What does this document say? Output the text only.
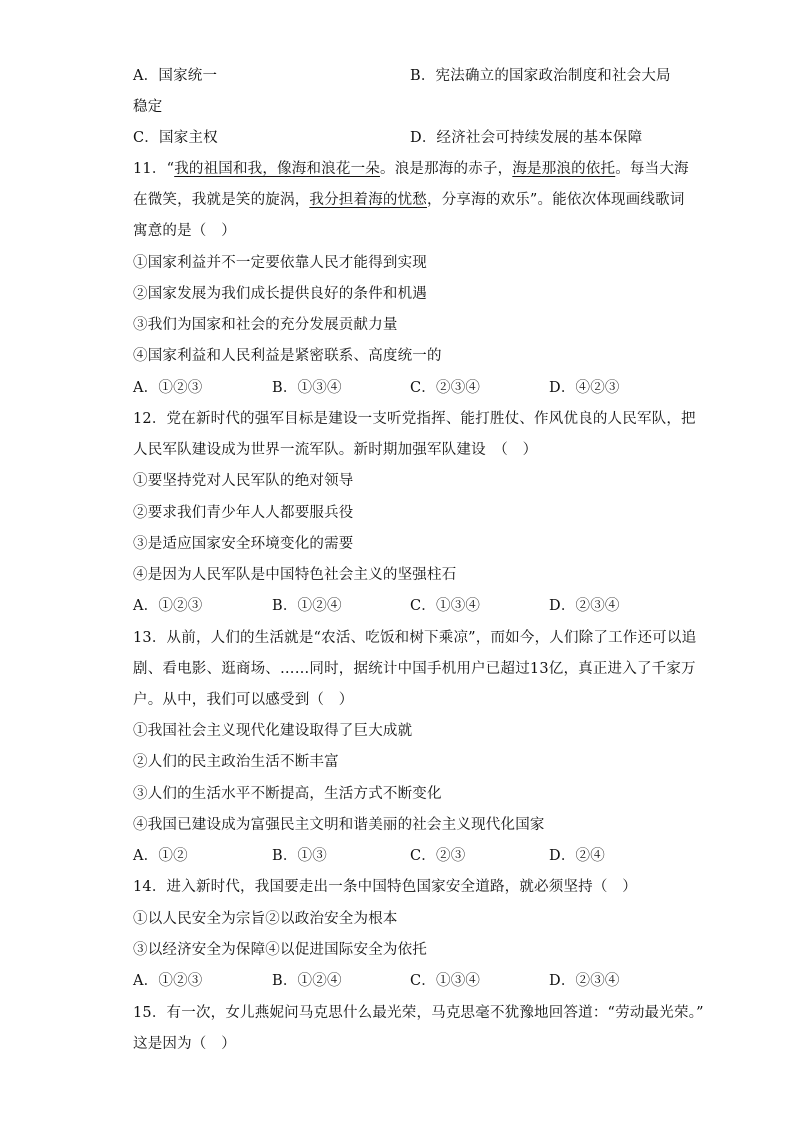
A．国家统一	B．宪法确立的国家政治制度和社会大局
稳定
C．国家主权	D．经济社会可持续发展的基本保障
11．“我的祖国和我，像海和浪花一朵。浪是那海的赤子，海是那浪的依托。每当大海
在微笑，我就是笑的旋涡，我分担着海的忧愁，分享海的欢乐”。能依次体现画线歌词
寓意的是（　）
①国家利益并不一定要依靠人民才能得到实现
②国家发展为我们成长提供良好的条件和机遇
③我们为国家和社会的充分发展贡献力量
④国家利益和人民利益是紧密联系、高度统一的
A．①②③	B．①③④	C．②③④	D．④②③
12．党在新时代的强军目标是建设一支听党指挥、能打胜仗、作风优良的人民军队，把
人民军队建设成为世界一流军队。新时期加强军队建设　（　）
①要坚持党对人民军队的绝对领导
②要求我们青少年人人都要服兵役
③是适应国家安全环境变化的需要
④是因为人民军队是中国特色社会主义的坚强柱石
A．①②③	B．①②④	C．①③④	D．②③④
13．从前，人们的生活就是“农活、吃饭和树下乘凉”，而如今，人们除了工作还可以追
剧、看电影、逛商场、……同时，据统计中国手机用户已超过13亿，真正进入了千家万
户。从中，我们可以感受到（　）
①我国社会主义现代化建设取得了巨大成就
②人们的民主政治生活不断丰富
③人们的生活水平不断提高，生活方式不断变化
④我国已建设成为富强民主文明和谐美丽的社会主义现代化国家
A．①②	B．①③	C．②③	D．②④
14．进入新时代，我国要走出一条中国特色国家安全道路，就必须坚持（　）
①以人民安全为宗旨②以政治安全为根本
③以经济安全为保障④以促进国际安全为依托
A．①②③	B．①②④	C．①③④	D．②③④
15．有一次，女儿燕妮问马克思什么最光荣，马克思毫不犹豫地回答道：“劳动最光荣。”
这是因为（　）
